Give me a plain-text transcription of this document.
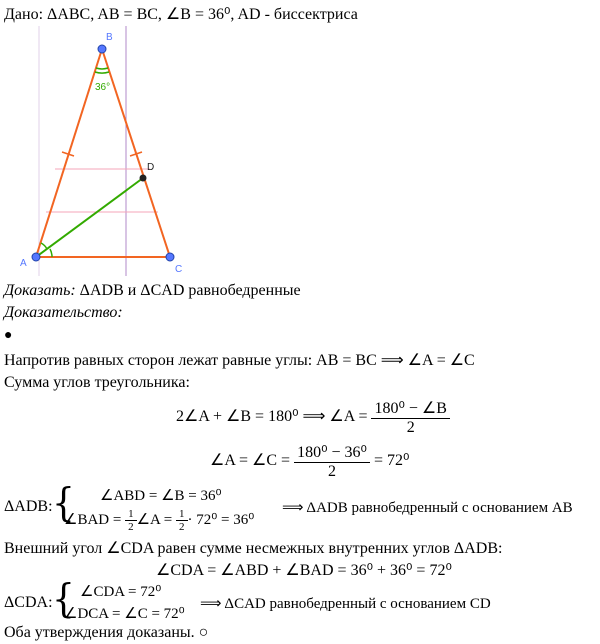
Дано: ΔABC, AB = BC, ∠B = 36⁰, AD - биссектриса
B
A
C
D
36°
Доказать: ΔADB и ΔCAD равнобедренные
Доказательство:
●
Напротив равных сторон лежат равные углы: AB = BC ⟹ ∠A = ∠C
Сумма углов треугольника:
2∠A + ∠B = 180⁰ ⟹ ∠A = $\frac{\text{180⁰ − ∠B}}{2}$
∠A = ∠C = $\frac{\text{180⁰ − 36⁰}}{2} = 72^0$
ΔADB: { ∠ABD = ∠B = 36⁰
∠BAD = $\frac{1}{2}$ ∠A = $\frac{1}{2} \cdot 72^0 = 36^0$
⟹ ΔADB равнобедренный с основанием AB
Внешний угол ∠CDA равен сумме несмежных внутренних углов ΔADB:
∠CDA = ∠ABD + ∠BAD = 36⁰ + 36⁰ = 72⁰
ΔCDA: { ∠CDA = 72⁰
∠DCA = ∠C = 72⁰
⟹ ΔCAD равнобедренный с основанием CD
Оба утверждения доказаны. ○
